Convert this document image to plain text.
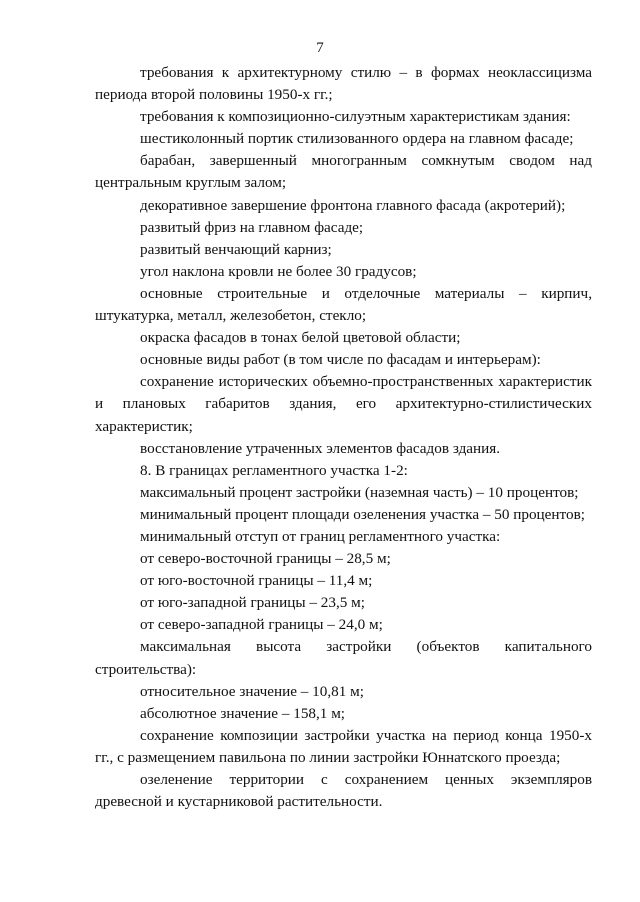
7

требования к архитектурному стилю – в формах неоклассицизма периода второй половины 1950-х гг.;

требования к композиционно-силуэтным характеристикам здания:

шестиколонный портик стилизованного ордера на главном фасаде;

барабан, завершенный многогранным сомкнутым сводом над центральным круглым залом;

декоративное завершение фронтона главного фасада (акротерий);

развитый фриз на главном фасаде;

развитый венчающий карниз;

угол наклона кровли не более 30 градусов;

основные строительные и отделочные материалы – кирпич, штукатурка, металл, железобетон, стекло;

окраска фасадов в тонах белой цветовой области;

основные виды работ (в том числе по фасадам и интерьерам):

сохранение исторических объемно-пространственных характеристик и плановых габаритов здания, его архитектурно-стилистических характеристик;

восстановление утраченных элементов фасадов здания.

8. В границах регламентного участка 1-2:

максимальный процент застройки (наземная часть) – 10 процентов;

минимальный процент площади озеленения участка – 50 процентов;

минимальный отступ от границ регламентного участка:

от северо-восточной границы – 28,5 м;

от юго-восточной границы – 11,4 м;

от юго-западной границы – 23,5 м;

от северо-западной границы – 24,0 м;

максимальная высота застройки (объектов капитального строительства):

относительное значение – 10,81 м;

абсолютное значение – 158,1 м;

сохранение композиции застройки участка на период конца 1950-х гг., с размещением павильона по линии застройки Юннатского проезда;

озеленение территории с сохранением ценных экземпляров древесной и кустарниковой растительности.
